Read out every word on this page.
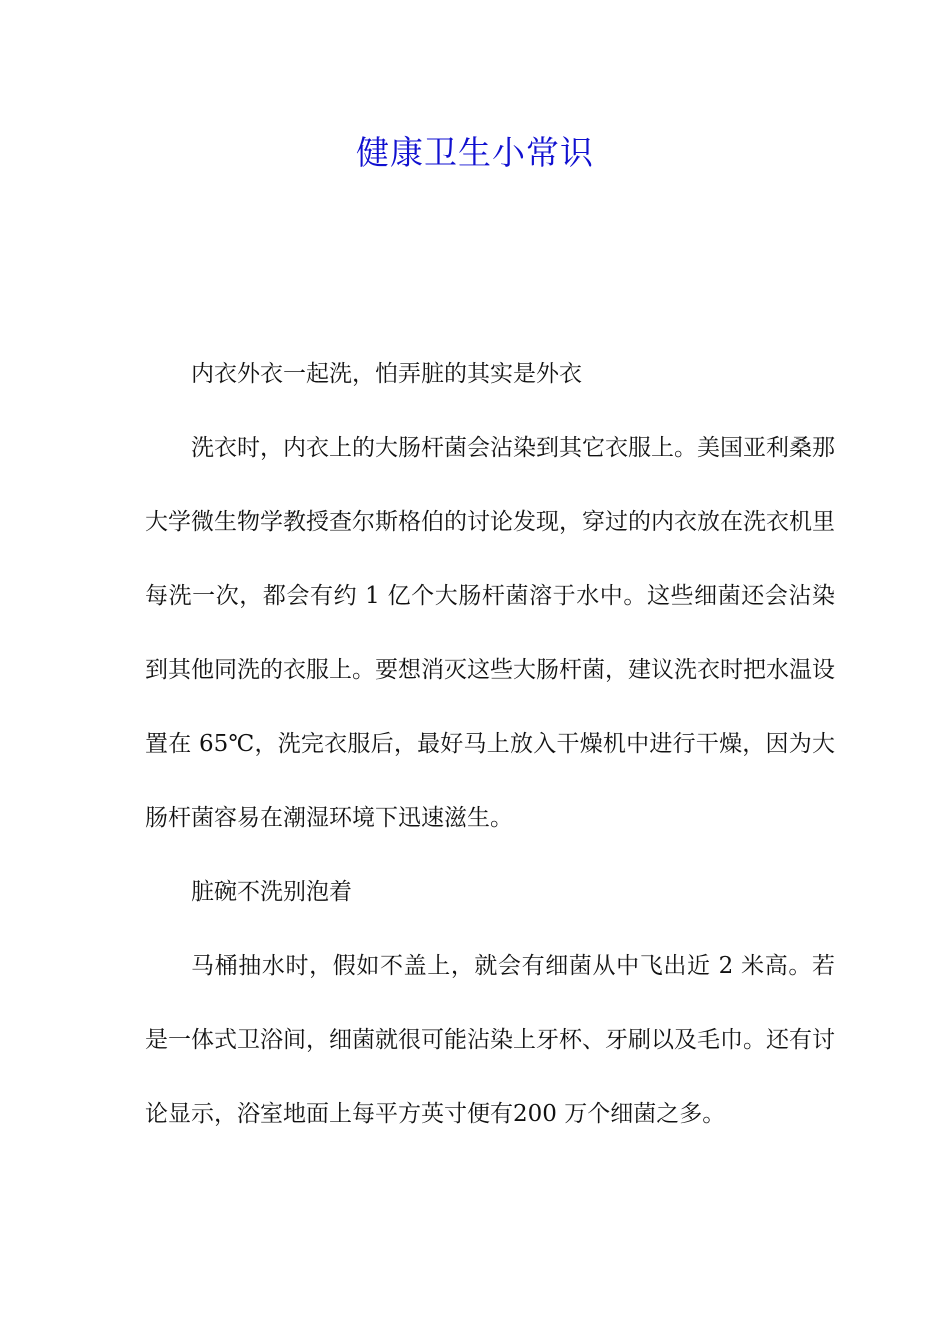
健康卫生小常识

内衣外衣一起洗，怕弄脏的其实是外衣

洗衣时，内衣上的大肠杆菌会沾染到其它衣服上。美国亚利桑那大学微生物学教授查尔斯格伯的讨论发现，穿过的内衣放在洗衣机里每洗一次，都会有约 1 亿个大肠杆菌溶于水中。这些细菌还会沾染到其他同洗的衣服上。要想消灭这些大肠杆菌，建议洗衣时把水温设置在 65℃，洗完衣服后，最好马上放入干燥机中进行干燥，因为大肠杆菌容易在潮湿环境下迅速滋生。

脏碗不洗别泡着

马桶抽水时，假如不盖上，就会有细菌从中飞出近 2 米高。若是一体式卫浴间，细菌就很可能沾染上牙杯、牙刷以及毛巾。还有讨论显示，浴室地面上每平方英寸便有200 万个细菌之多。
